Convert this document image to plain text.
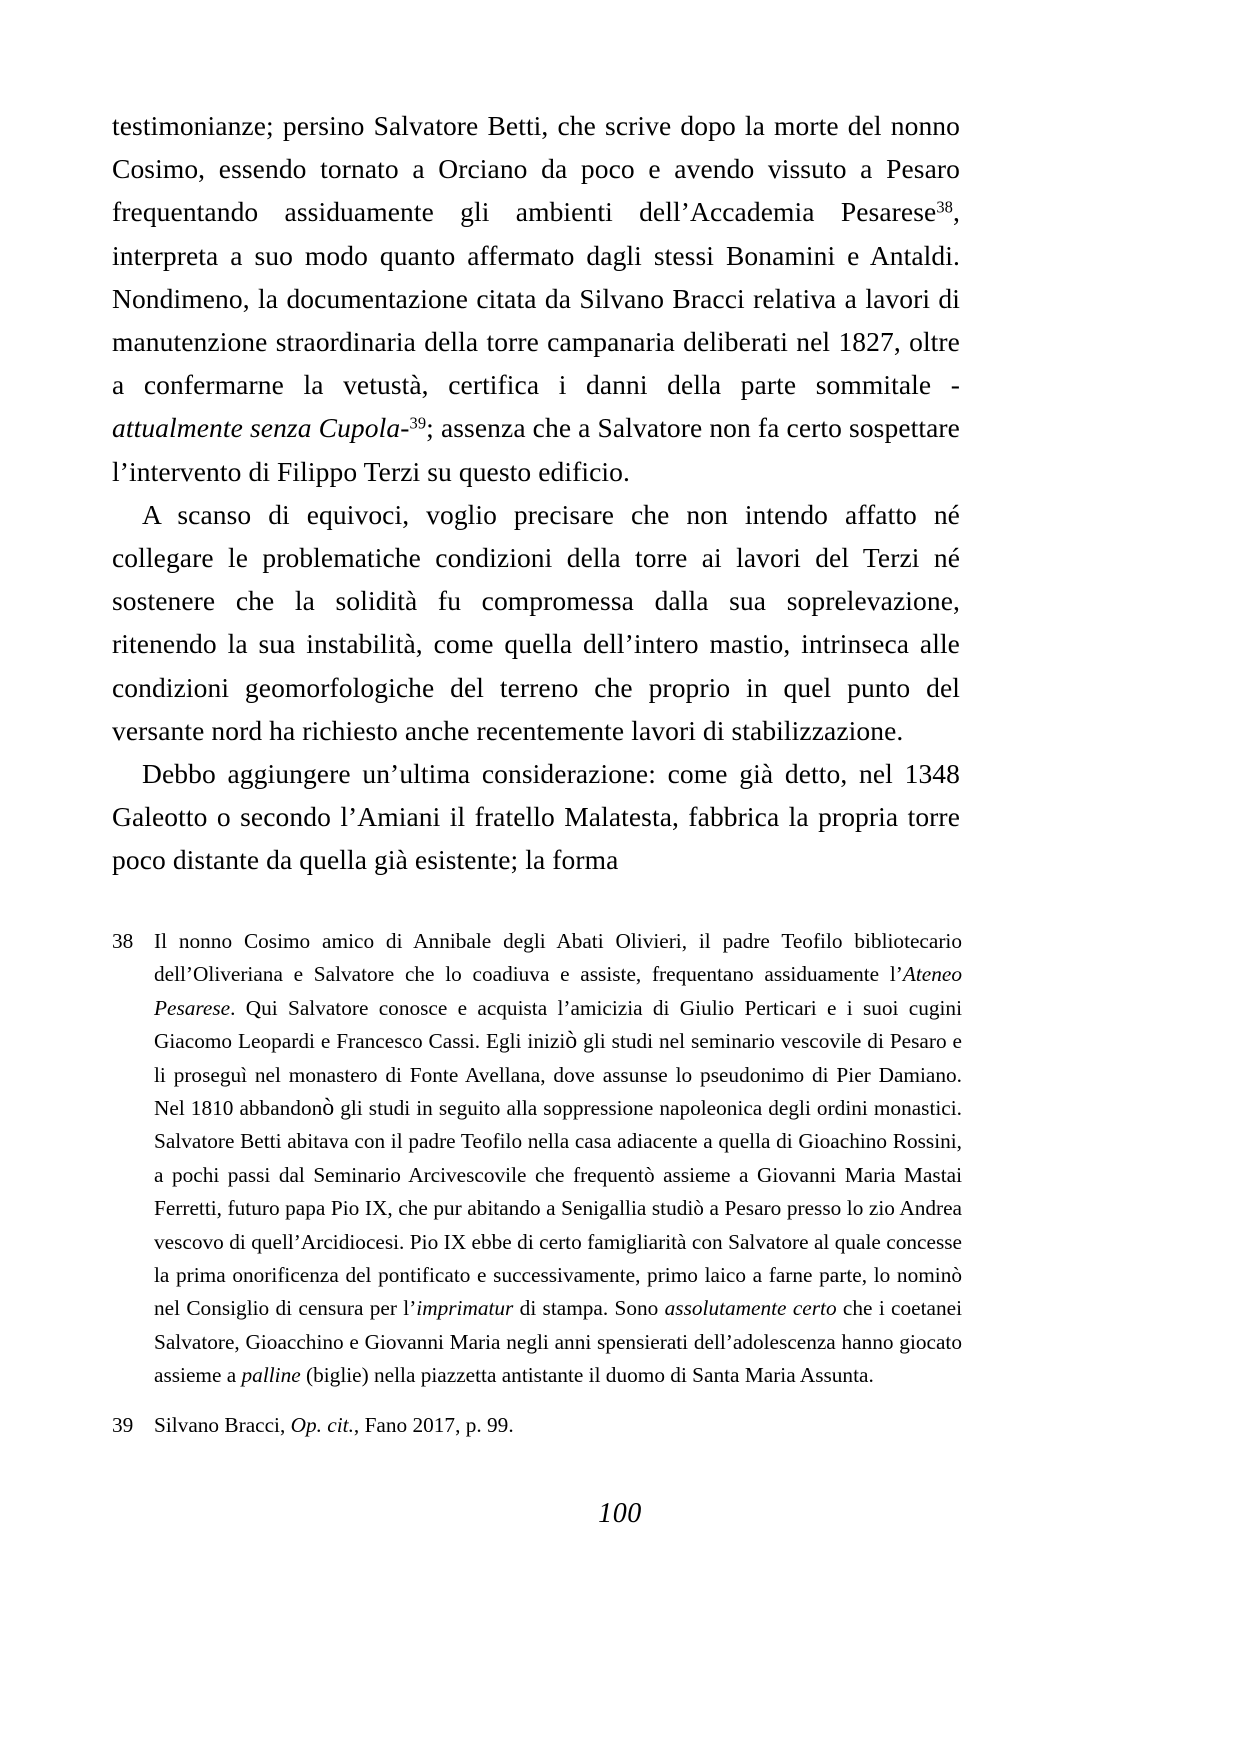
testimonianze; persino Salvatore Betti, che scrive dopo la morte del nonno Cosimo, essendo tornato a Orciano da poco e avendo vissuto a Pesaro frequentando assiduamente gli ambienti dell’Accademia Pesarese$^{38}$, interpreta a suo modo quanto affermato dagli stessi Bonamini e Antaldi. Nondimeno, la documentazione citata da Silvano Bracci relativa a lavori di manutenzione straordinaria della torre campanaria deliberati nel 1827, oltre a confermarne la vetustà, certifica i danni della parte sommitale -attualmente senza Cupola-$^{39}$; assenza che a Salvatore non fa certo sospettare l’intervento di Filippo Terzi su questo edificio.

A scanso di equivoci, voglio precisare che non intendo affatto né collegare le problematiche condizioni della torre ai lavori del Terzi né sostenere che la solidità fu compromessa dalla sua soprelevazione, ritenendo la sua instabilità, come quella dell’intero mastio, intrinseca alle condizioni geomorfologiche del terreno che proprio in quel punto del versante nord ha richiesto anche recentemente lavori di stabilizzazione.

Debbo aggiungere un’ultima considerazione: come già detto, nel 1348 Galeotto o secondo l’Amiani il fratello Malatesta, fabbrica la propria torre poco distante da quella già esistente; la forma

38 Il nonno Cosimo amico di Annibale degli Abati Olivieri, il padre Teofilo bibliotecario dell’Oliveriana e Salvatore che lo coadiuva e assiste, frequentano assiduamente l’Ateneo Pesarese. Qui Salvatore conosce e acquista l’amicizia di Giulio Perticari e i suoi cugini Giacomo Leopardi e Francesco Cassi. Egli iniziò gli studi nel seminario vescovile di Pesaro e li proseguì nel monastero di Fonte Avellana, dove assunse lo pseudonimo di Pier Damiano. Nel 1810 abbandonò gli studi in seguito alla soppressione napoleonica degli ordini monastici. Salvatore Betti abitava con il padre Teofilo nella casa adiacente a quella di Gioachino Rossini, a pochi passi dal Seminario Arcivescovile che frequentò assieme a Giovanni Maria Mastai Ferretti, futuro papa Pio IX, che pur abitando a Senigallia studiò a Pesaro presso lo zio Andrea vescovo di quell’Arcidiocesi. Pio IX ebbe di certo famigliarità con Salvatore al quale concesse la prima onorificenza del pontificato e successivamente, primo laico a farne parte, lo nominò nel Consiglio di censura per l’imprimatur di stampa. Sono assolutamente certo che i coetanei Salvatore, Gioacchino e Giovanni Maria negli anni spensierati dell’adolescenza hanno giocato assieme a palline (biglie) nella piazzetta antistante il duomo di Santa Maria Assunta.
39 Silvano Bracci, Op. cit., Fano 2017, p. 99.
100
